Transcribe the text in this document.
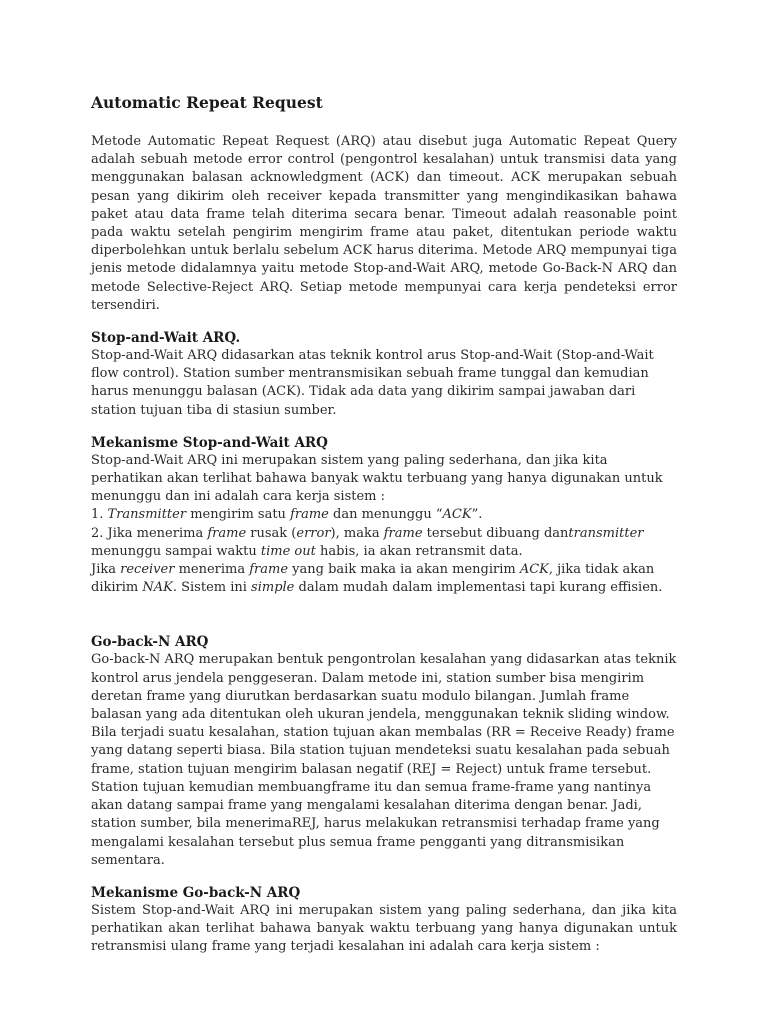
Automatic Repeat Request

Metode Automatic Repeat Request (ARQ) atau disebut juga Automatic Repeat Query adalah sebuah metode error control (pengontrol kesalahan) untuk transmisi data yang menggunakan balasan acknowledgment (ACK) dan timeout. ACK merupakan sebuah pesan yang dikirim oleh receiver kepada transmitter yang mengindikasikan bahawa paket atau data frame telah diterima secara benar. Timeout adalah reasonable point pada waktu setelah pengirim mengirim frame atau paket, ditentukan periode waktu diperbolehkan untuk berlalu sebelum ACK harus diterima. Metode ARQ mempunyai tiga jenis metode didalamnya yaitu metode Stop-and-Wait ARQ, metode Go-Back-N ARQ dan metode Selective-Reject ARQ. Setiap metode mempunyai cara kerja pendeteksi error tersendiri.

Stop-and-Wait ARQ.

Stop-and-Wait ARQ didasarkan atas teknik kontrol arus Stop-and-Wait (Stop-and-Wait flow control). Station sumber mentransmisikan sebuah frame tunggal dan kemudian harus menunggu balasan (ACK). Tidak ada data yang dikirim sampai jawaban dari station tujuan tiba di stasiun sumber.

Mekanisme Stop-and-Wait ARQ

Stop-and-Wait ARQ ini merupakan sistem yang paling sederhana, dan jika kita perhatikan akan terlihat bahawa banyak waktu terbuang yang hanya digunakan untuk menunggu dan ini adalah cara kerja sistem :

1. Transmitter mengirim satu frame dan menunggu “ACK”.

2. Jika menerima frame rusak (error), maka frame tersebut dibuang dantransmitter menunggu sampai waktu time out habis, ia akan retransmit data.

Jika receiver menerima frame yang baik maka ia akan mengirim ACK, jika tidak akan dikirim NAK. Sistem ini simple dalam mudah dalam implementasi tapi kurang effisien.

Go-back-N ARQ

Go-back-N ARQ merupakan bentuk pengontrolan kesalahan yang didasarkan atas teknik kontrol arus jendela penggeseran. Dalam metode ini, station sumber bisa mengirim deretan frame yang diurutkan berdasarkan suatu modulo bilangan. Jumlah frame balasan yang ada ditentukan oleh ukuran jendela, menggunakan teknik sliding window. Bila terjadi suatu kesalahan, station tujuan akan membalas (RR = Receive Ready) frame yang datang seperti biasa. Bila station tujuan mendeteksi suatu kesalahan pada sebuah frame, station tujuan mengirim balasan negatif (REJ = Reject) untuk frame tersebut. Station tujuan kemudian membuangframe itu dan semua frame-frame yang nantinya akan datang sampai frame yang mengalami kesalahan diterima dengan benar. Jadi, station sumber, bila menerimaREJ, harus melakukan retransmisi terhadap frame yang mengalami kesalahan tersebut plus semua frame pengganti yang ditransmisikan sementara.

Mekanisme Go-back-N ARQ

Sistem Stop-and-Wait ARQ ini merupakan sistem yang paling sederhana, dan jika kita perhatikan akan terlihat bahawa banyak waktu terbuang yang hanya digunakan untuk retransmisi ulang frame yang terjadi kesalahan ini adalah cara kerja sistem :
